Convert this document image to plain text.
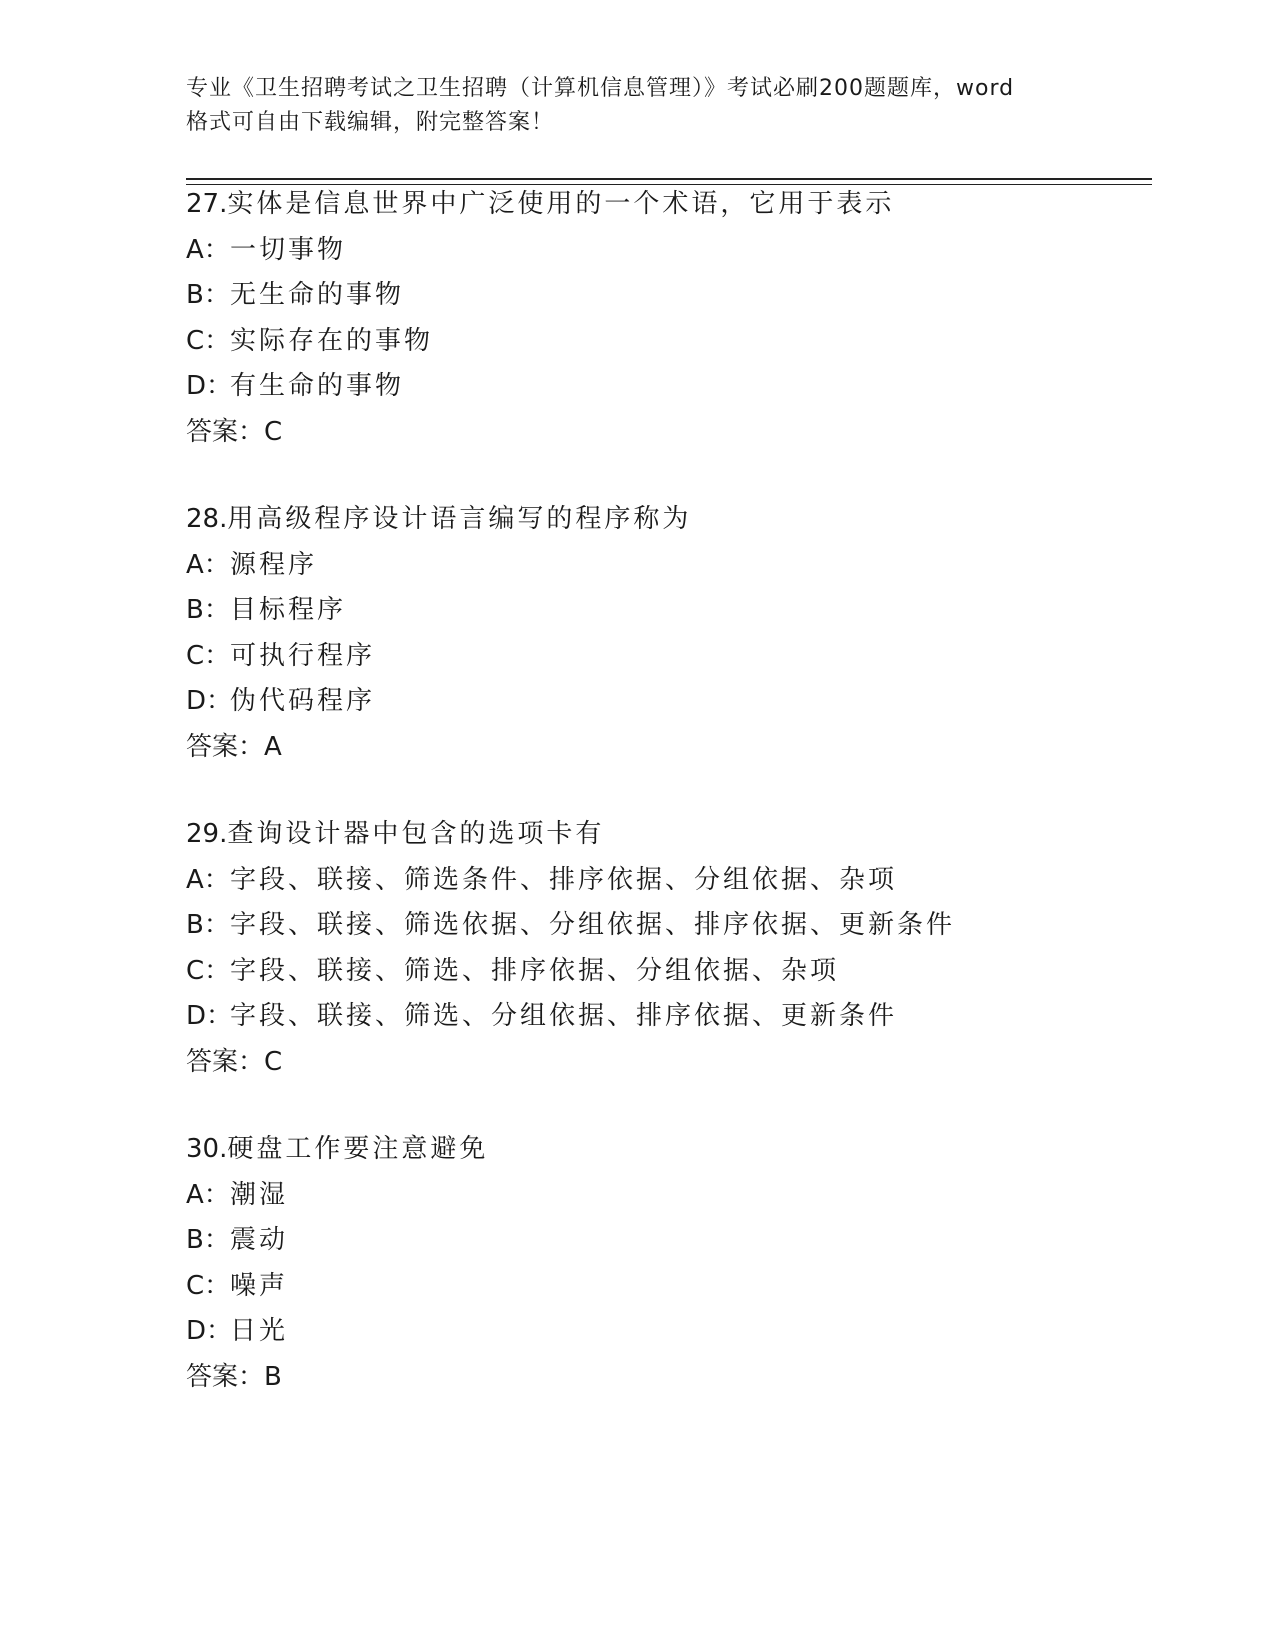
专业《卫生招聘考试之卫生招聘（计算机信息管理）》考试必刷200题题库，word
格式可自由下载编辑，附完整答案！
27.实体是信息世界中广泛使用的一个术语，它用于表示
A：一切事物
B：无生命的事物
C：实际存在的事物
D：有生命的事物
答案：C
28.用高级程序设计语言编写的程序称为
A：源程序
B：目标程序
C：可执行程序
D：伪代码程序
答案：A
29.查询设计器中包含的选项卡有
A：字段、联接、筛选条件、排序依据、分组依据、杂项
B：字段、联接、筛选依据、分组依据、排序依据、更新条件
C：字段、联接、筛选、排序依据、分组依据、杂项
D：字段、联接、筛选、分组依据、排序依据、更新条件
答案：C
30.硬盘工作要注意避免
A：潮湿
B：震动
C：噪声
D：日光
答案：B
